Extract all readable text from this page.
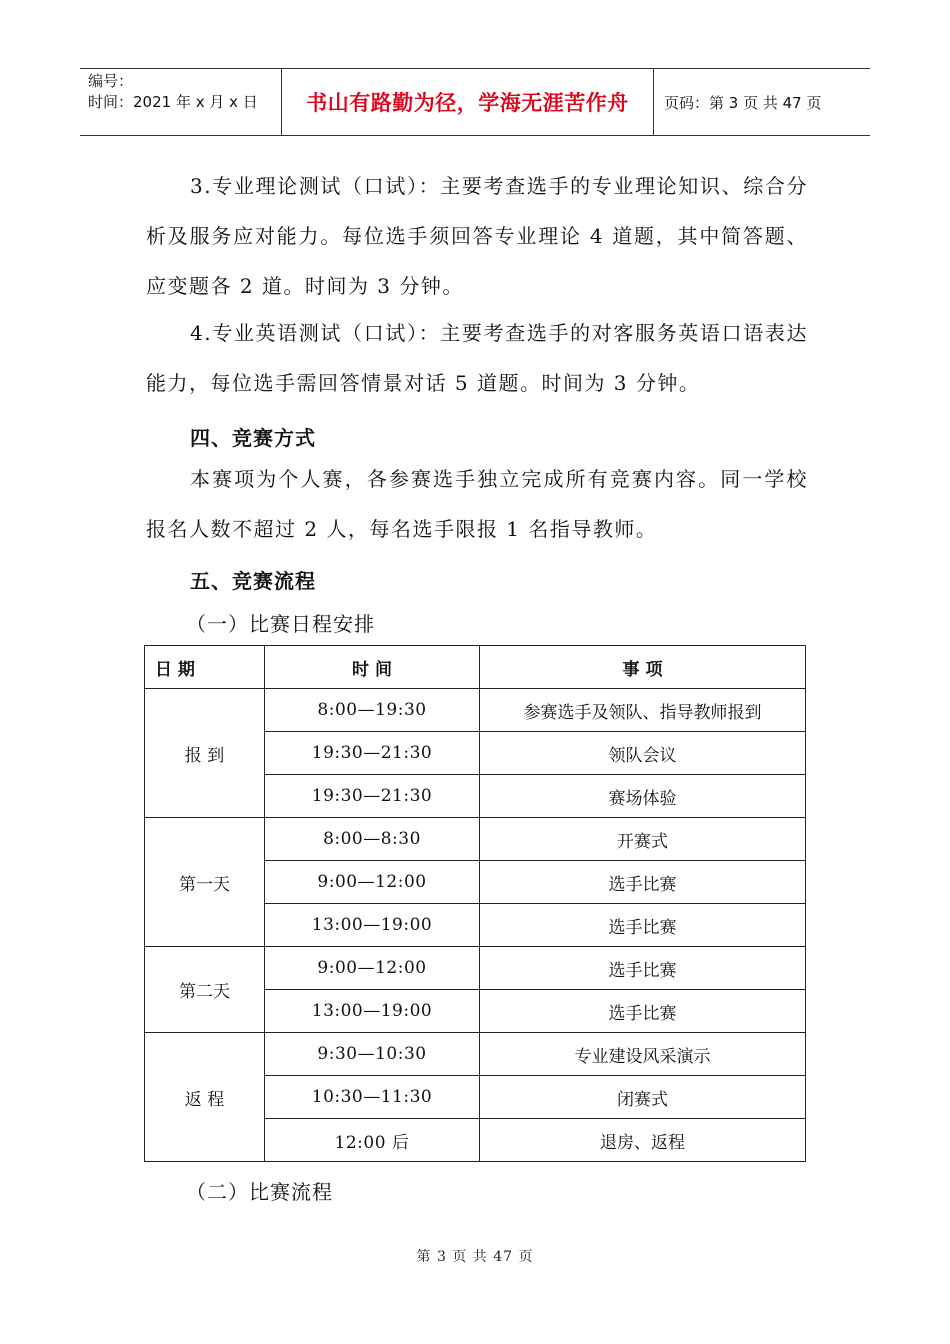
编号：
时间：2021 年 x 月 x 日	书山有路勤为径，学海无涯苦作舟	页码：第 3 页 共 47 页

3.专业理论测试（口试）：主要考查选手的专业理论知识、综合分析及服务应对能力。每位选手须回答专业理论 4 道题，其中简答题、应变题各 2 道。时间为 3 分钟。

4.专业英语测试（口试）：主要考查选手的对客服务英语口语表达能力，每位选手需回答情景对话 5 道题。时间为 3 分钟。

四、竞赛方式

本赛项为个人赛，各参赛选手独立完成所有竞赛内容。同一学校报名人数不超过 2 人，每名选手限报 1 名指导教师。

五、竞赛流程
（一）比赛日程安排
日 期	时 间	事 项
报 到	8:00—19:30	参赛选手及领队、指导教师报到
	19:30—21:30	领队会议
	19:30—21:30	赛场体验
第一天	8:00—8:30	开赛式
	9:00—12:00	选手比赛
	13:00—19:00	选手比赛
第二天	9:00—12:00	选手比赛
	13:00—19:00	选手比赛
返 程	9:30—10:30	专业建设风采演示
	10:30—11:30	闭赛式
	12:00 后	退房、返程
（二）比赛流程
第 3 页 共 47 页
